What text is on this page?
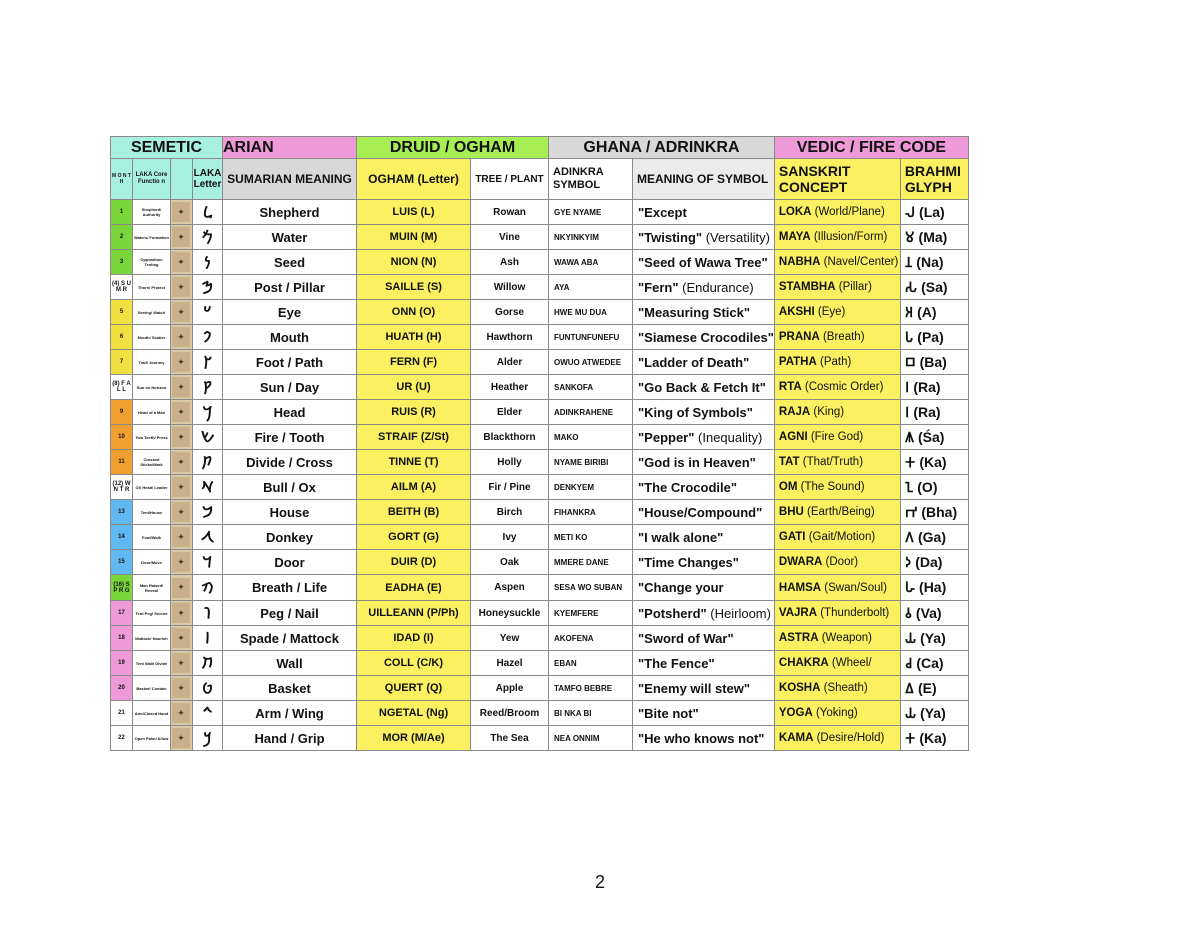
SEMETIC				ARIAN	DRUID / OGHAM		GHANA / ADRINKRA		VEDIC / FIRE CODE	
M O N T H	LAKA Core Functio n		LAKA Letter	SUMARIAN MEANING	OGHAM (Letter)	TREE / PLANT	ADINKRA SYMBOL	MEANING OF SYMBOL	SANSKRIT CONCEPT	BRAHMI GLYPH
1	Shepherd/ Authority	✦	𐡋	Shepherd	LUIS (L)	Rowan	GYE NYAME	"Except	LOKA (World/Plane)	𑀮 (La)
2	Waters/ Formation	✦	𐡌	Water	MUIN (M)	Vine	NKYINKYIM	"Twisting" (Versatility)	MAYA (Illusion/Form)	𑀫 (Ma)
3	Opposition/ Testing	✦	𐡍	Seed	NION (N)	Ash	WAWA ABA	"Seed of Wawa Tree"	NABHA (Navel/Center)	𑀦 (Na)
(4) S U M R	Thorn/ Protect	✦	𐡎	Post / Pillar	SAILLE (S)	Willow	AYA	"Fern" (Endurance)	STAMBHA (Pillar)	𑀲 (Sa)
5	Seeing/ Watch	✦	𐡏	Eye	ONN (O)	Gorse	HWE MU DUA	"Measuring Stick"	AKSHI (Eye)	𑀅 (A)
6	Mouth/ Scatter	✦	𐡐	Mouth	HUATH (H)	Hawthorn	FUNTUNFUNEFU	"Siamese Crocodiles"	PRANA (Breath)	𑀧 (Pa)
7	Trail/ Journey	✦	𐡑	Foot / Path	FERN (F)	Alder	OWUO ATWEDEE	"Ladder of Death"	PATHA (Path)	𑀩 (Ba)
(8) F A L L	Sun on Horizon	✦	𐡒	Sun / Day	UR (U)	Heather	SANKOFA	"Go Back & Fetch It"	RTA (Cosmic Order)	𑀭 (Ra)
9	Head of a Man	✦	𐡓	Head	RUIS (R)	Elder	ADINKRAHENE	"King of Symbols"	RAJA (King)	𑀭 (Ra)
10	Two Teeth/ Press	✦	𐡔	Fire / Tooth	STRAIF (Z/St)	Blackthorn	MAKO	"Pepper" (Inequality)	AGNI (Fire God)	𑀰 (Śa)
11	Crossed Sticks/Mark	✦	𐡕	Divide / Cross	TINNE (T)	Holly	NYAME BIRIBI	"God is in Heaven"	TAT (That/Truth)	𑀓 (Ka)
(12) W N T R	OX Head/ Leader	✦	𐡀	Bull / Ox	AILM (A)	Fir / Pine	DENKYEM	"The Crocodile"	OM (The Sound)	𑀑 (O)
13	Tent/House	✦	𐡁	House	BEITH (B)	Birch	FIHANKRA	"House/Compound"	BHU (Earth/Being)	𑀪 (Bha)
14	Foot/Walk	✦	𐡂	Donkey	GORT (G)	Ivy	METI KO	"I walk alone"	GATI (Gait/Motion)	𑀕 (Ga)
15	Door/Move	✦	𐡃	Door	DUIR (D)	Oak	MMERE DANE	"Time Changes"	DWARA (Door)	𑀤 (Da)
(16) S P R G	Man Raised/ Reveal	✦	𐡄	Breath / Life	EADHA (E)	Aspen	SESA WO SUBAN	"Change your	HAMSA (Swan/Soul)	𑀳 (Ha)
17	Tent Peg/ Secure	✦	𐡅	Peg / Nail	UILLEANN (P/Ph)	Honeysuckle	KYEMFERE	"Potsherd" (Heirloom)	VAJRA (Thunderbolt)	𑀯 (Va)
18	Mattock/ Nourish	✦	𐡆	Spade / Mattock	IDAD (I)	Yew	AKOFENA	"Sword of War"	ASTRA (Weapon)	𑀬 (Ya)
19	Tent Wall/ Divide	✦	𐡇	Wall	COLL (C/K)	Hazel	EBAN	"The Fence"	CHAKRA (Wheel/	𑀘 (Ca)
20	Basket/ Contain	✦	𐡈	Basket	QUERT (Q)	Apple	TAMFO BEBRE	"Enemy will stew"	KOSHA (Sheath)	𑀏 (E)
21	Arm/Closed Hand	✦	𐡉	Arm / Wing	NGETAL (Ng)	Reed/Broom	BI NKA BI	"Bite not"	YOGA (Yoking)	𑀬 (Ya)
22	Open Palm/ Allow	✦	𐡊	Hand / Grip	MOR (M/Ae)	The Sea	NEA ONNIM	"He who knows not"	KAMA (Desire/Hold)	𑀓 (Ka)
2
